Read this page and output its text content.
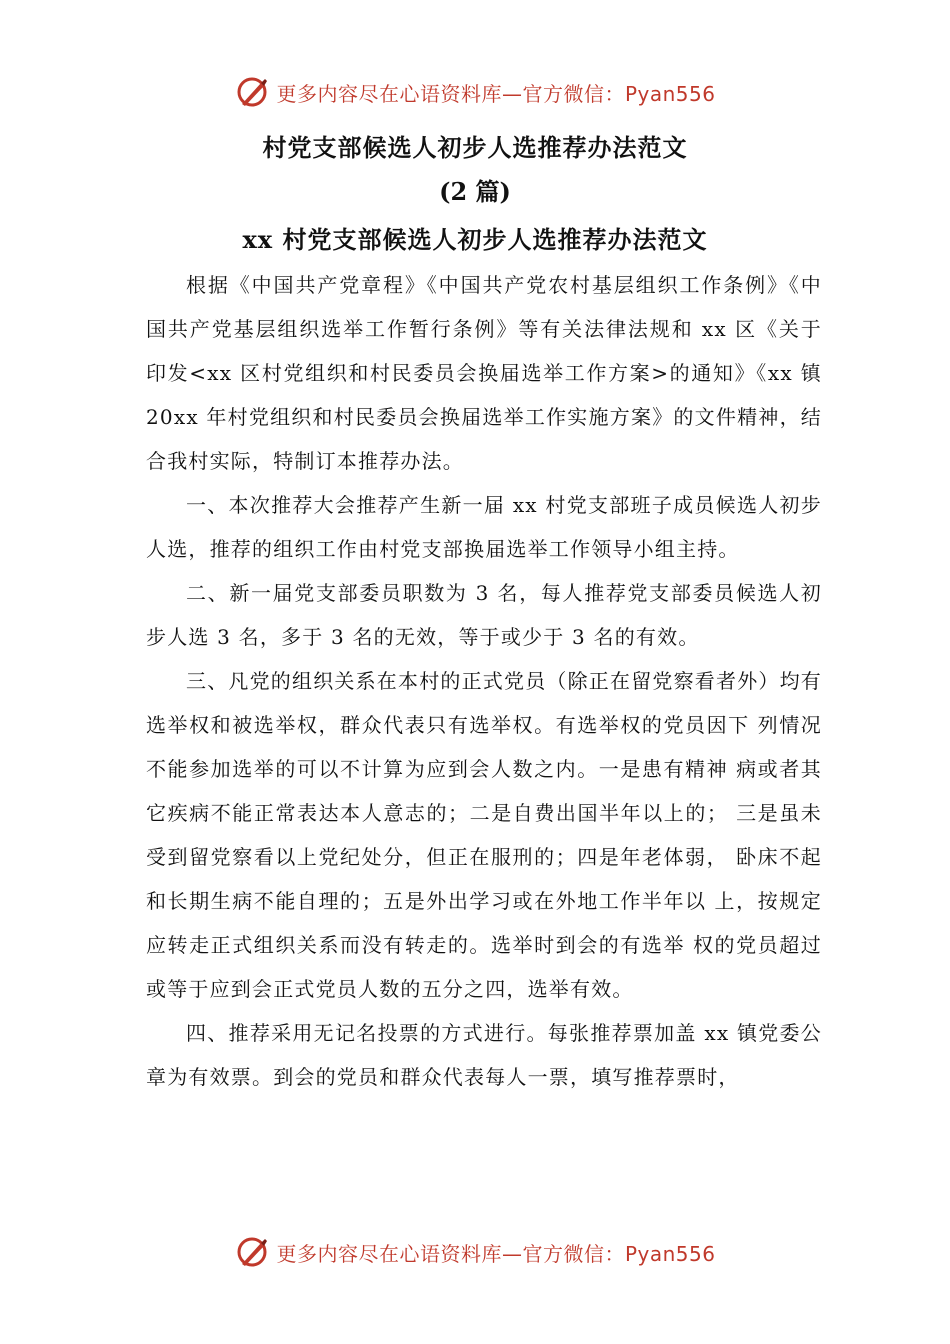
更多内容尽在心语资料库—官方微信：Pyan556
村党支部候选人初步人选推荐办法范文
(2 篇)
xx 村党支部候选人初步人选推荐办法范文

根据《中国共产党章程》《中国共产党农村基层组织工作条例》《中国共产党基层组织选举工作暂行条例》等有关法律法规和 xx 区《关于印发<xx 区村党组织和村民委员会换届选举工作方案>的通知》《xx 镇 20xx 年村党组织和村民委员会换届选举工作实施方案》的文件精神，结合我村实际，特制订本推荐办法。

一、本次推荐大会推荐产生新一届 xx 村党支部班子成员候选人初步人选，推荐的组织工作由村党支部换届选举工作领导小组主持。

二、新一届党支部委员职数为 3 名，每人推荐党支部委员候选人初步人选 3 名，多于 3 名的无效，等于或少于 3 名的有效。

三、凡党的组织关系在本村的正式党员（除正在留党察看者外）均有选举权和被选举权，群众代表只有选举权。有选举权的党员因下 列情况不能参加选举的可以不计算为应到会人数之内。一是患有精神 病或者其它疾病不能正常表达本人意志的；二是自费出国半年以上的； 三是虽未受到留党察看以上党纪处分，但正在服刑的；四是年老体弱， 卧床不起和长期生病不能自理的；五是外出学习或在外地工作半年以 上，按规定应转走正式组织关系而没有转走的。选举时到会的有选举 权的党员超过或等于应到会正式党员人数的五分之四，选举有效。

四、推荐采用无记名投票的方式进行。每张推荐票加盖 xx 镇党委公章为有效票。到会的党员和群众代表每人一票，填写推荐票时，

更多内容尽在心语资料库—官方微信：Pyan556
